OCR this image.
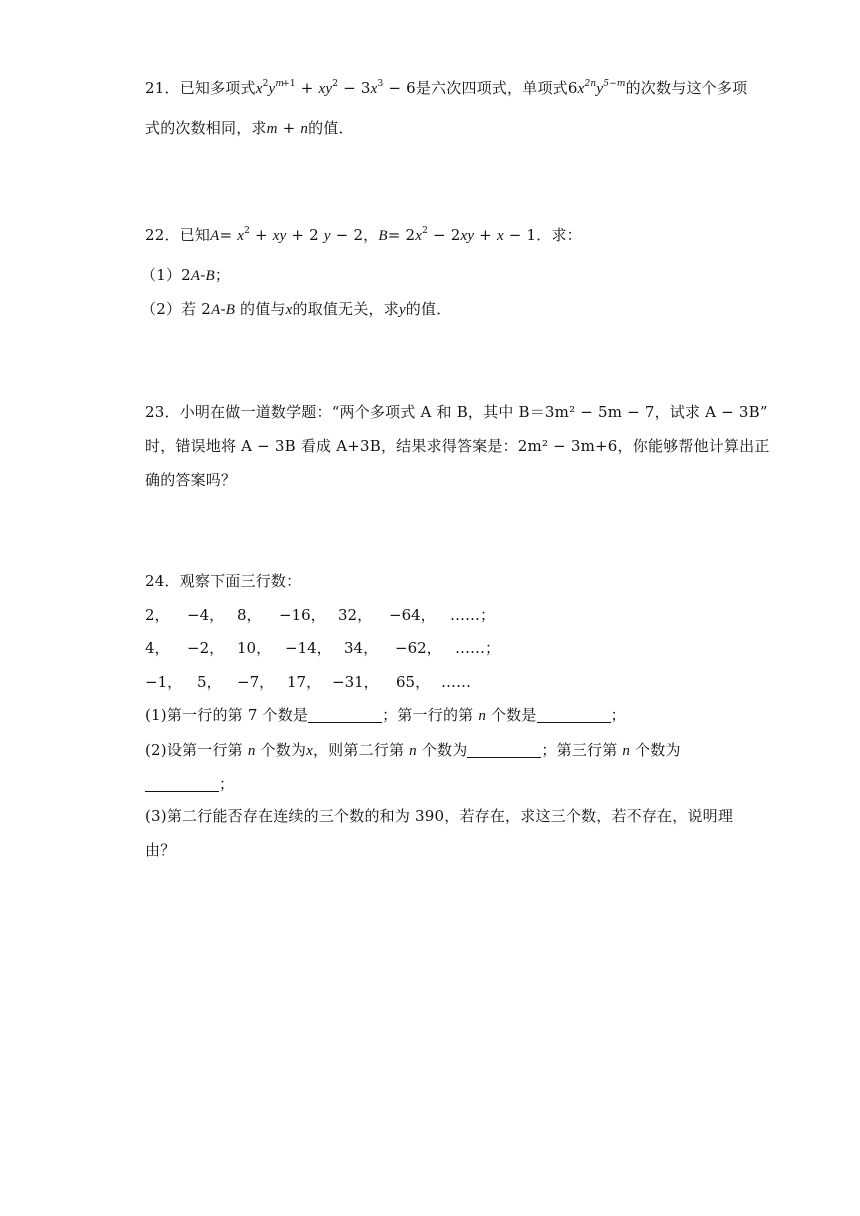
21．已知多项式$x^2y^{m+1} + xy^2 - 3x^3 - 6$是六次四项式，单项式$6x^{2n}y^{5-m}$的次数与这个多项
式的次数相同，求m + n的值．
22．已知$A= x^2$ + xy + 2 y − 2，$B= 2x^2 - 2xy + x - 1$．求：
（1）2A-B；
（2）若 2A-B 的值与x的取值无关，求y的值．
23．小明在做一道数学题：“两个多项式 A 和 B，其中 B＝3m² − 5m − 7，试求 A − 3B”
时，错误地将 A − 3B 看成 A+3B，结果求得答案是：2m² − 3m+6，你能够帮他计算出正
确的答案吗？
24．观察下面三行数：
2， −4， 8， −16， 32， −64， ……；
4， −2， 10， −14， 34， −62， ……；
−1， 5， −7， 17， −31， 65， ……
(1)第一行的第 7 个数是	；第一行的第 n 个数是	；
(2)设第一行第 n 个数为x，则第二行第 n 个数为	；第三行第 n 个数为
；
(3)第二行能否存在连续的三个数的和为 390，若存在，求这三个数，若不存在，说明理
由？
